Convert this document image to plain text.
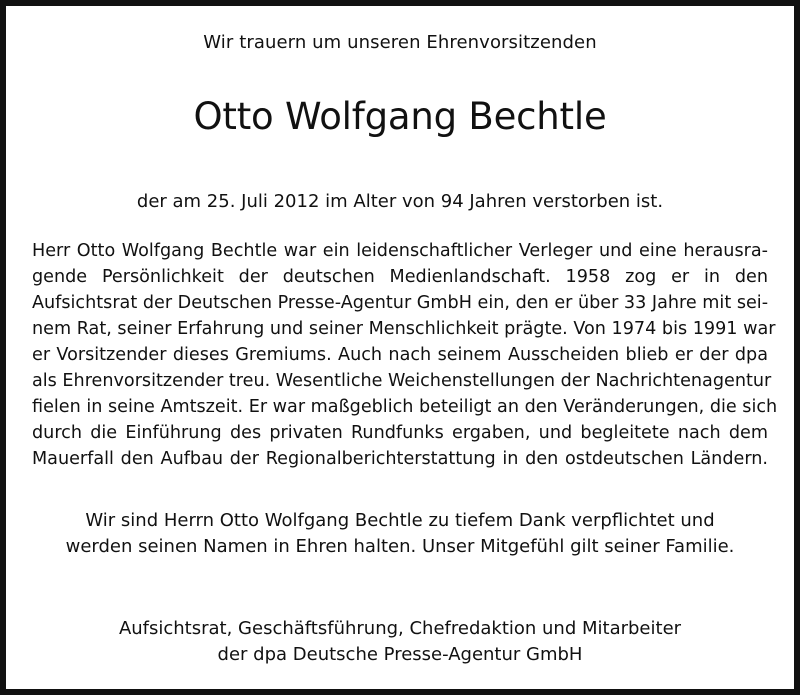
Wir trauern um unseren Ehrenvorsitzenden
Otto Wolfgang Bechtle
der am 25. Juli 2012 im Alter von 94 Jahren verstorben ist.
Herr Otto Wolfgang Bechtle war ein leidenschaftlicher Verleger und eine herausra-
gende Persönlichkeit der deutschen Medienlandschaft. 1958 zog er in den
Aufsichtsrat der Deutschen Presse-Agentur GmbH ein, den er über 33 Jahre mit sei-
nem Rat, seiner Erfahrung und seiner Menschlichkeit prägte. Von 1974 bis 1991 war
er Vorsitzender dieses Gremiums. Auch nach seinem Ausscheiden blieb er der dpa
als Ehrenvorsitzender treu. Wesentliche Weichenstellungen der Nachrichtenagentur
fielen in seine Amtszeit. Er war maßgeblich beteiligt an den Veränderungen, die sich
durch die Einführung des privaten Rundfunks ergaben, und begleitete nach dem
Mauerfall den Aufbau der Regionalberichterstattung in den ostdeutschen Ländern.
Wir sind Herrn Otto Wolfgang Bechtle zu tiefem Dank verpflichtet und
werden seinen Namen in Ehren halten. Unser Mitgefühl gilt seiner Familie.
Aufsichtsrat, Geschäftsführung, Chefredaktion und Mitarbeiter
der dpa Deutsche Presse-Agentur GmbH
